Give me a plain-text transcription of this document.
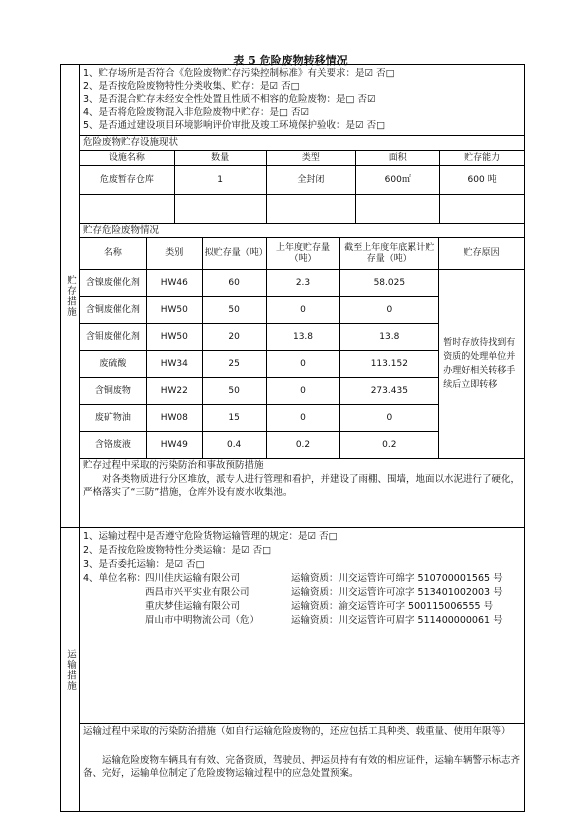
表 5 危险废物转移情况
贮存措施
运输措施
1、贮存场所是否符合《危险废物贮存污染控制标准》有关要求：是☑ 否□
2、是否按危险废物特性分类收集、贮存：是☑ 否□
3、是否混合贮存未经安全性处置且性质不相容的危险废物：是□ 否☑
4、是否将危险废物混入非危险废物中贮存：是□ 否☑
5、是否通过建设项目环境影响评价审批及竣工环境保护验收：是☑ 否□
危险废物贮存设施现状
设施名称	数量	类型	面积	贮存能力
危废暂存仓库	1	全封闭	600㎡	600 吨

贮存危险废物情况
名称	类别	拟贮存量（吨）	上年度贮存量（吨）	截至上年度年底累计贮存量（吨）	贮存原因
含镍废催化剂	HW46	60	2.3	58.025	暂时存放待找到有资质的处理单位并办理好相关转移手续后立即转移
含铜废催化剂	HW50	50	0	0	
含钼废催化剂	HW50	20	13.8	13.8	
废硫酸	HW34	25	0	113.152	
含铜废物	HW22	50	0	273.435	
废矿物油	HW08	15	0	0	
含铬废液	HW49	0.4	0.2	0.2	
贮存过程中采取的污染防治和事故预防措施
对各类物质进行分区堆放，派专人进行管理和看护，并建设了雨棚、围墙，地面以水泥进行了硬化，严格落实了“三防”措施，仓库外设有废水收集池。
1、运输过程中是否遵守危险货物运输管理的规定：是☑ 否□
2、是否按危险废物特性分类运输：是☑ 否□
3、是否委托运输：是☑ 否□
4、单位名称：
四川佳庆运输有限公司	运输资质：川交运管许可绵字 510700001565 号
西昌市兴平实业有限公司	运输资质：川交运管许可凉字 513401002003 号
重庆梦佳运输有限公司	运输资质：渝交运管许可字 500115006555 号
眉山市中明物流公司（危）	运输资质：川交运管许可眉字 511400000061 号
运输过程中采取的污染防治措施（如自行运输危险废物的，还应包括工具种类、载重量、使用年限等）
运输危险废物车辆具有有效、完备资质，驾驶员、押运员持有有效的相应证件，运输车辆警示标志齐备、完好，运输单位制定了危险废物运输过程中的应急处置预案。
